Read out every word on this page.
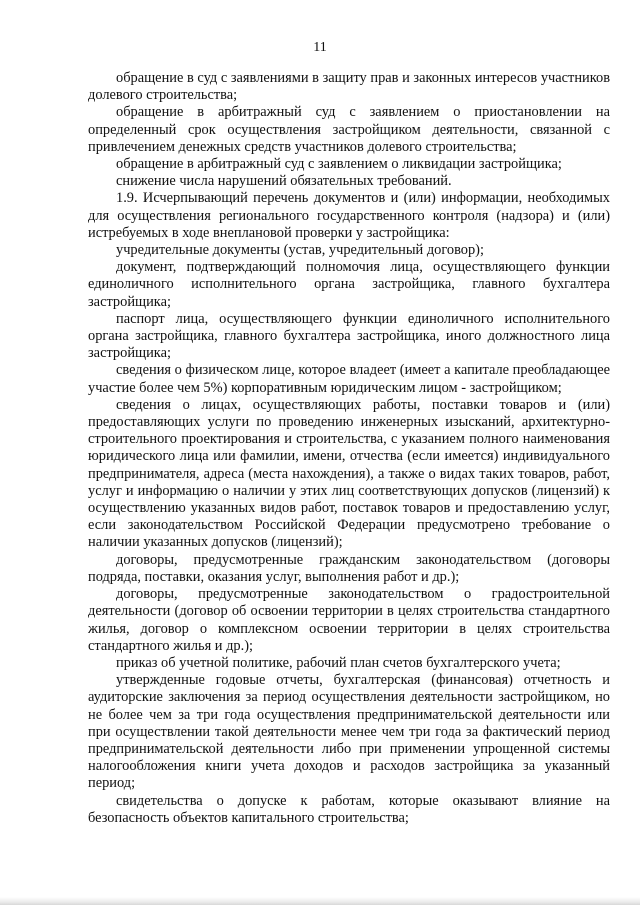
11

обращение в суд с заявлениями в защиту прав и законных интересов участников долевого строительства;

обращение в арбитражный суд с заявлением о приостановлении на определенный срок осуществления застройщиком деятельности, связанной с привлечением денежных средств участников долевого строительства;

обращение в арбитражный суд с заявлением о ликвидации застройщика;

снижение числа нарушений обязательных требований.

1.9. Исчерпывающий перечень документов и (или) информации, необходимых для осуществления регионального государственного контроля (надзора) и (или) истребуемых в ходе внеплановой проверки у застройщика:

учредительные документы (устав, учредительный договор);

документ, подтверждающий полномочия лица, осуществляющего функции единоличного исполнительного органа застройщика, главного бухгалтера застройщика;

паспорт лица, осуществляющего функции единоличного исполнительного органа застройщика, главного бухгалтера застройщика, иного должностного лица застройщика;

сведения о физическом лице, которое владеет (имеет а капитале преобладающее участие более чем 5%) корпоративным юридическим лицом - застройщиком;

сведения о лицах, осуществляющих работы, поставки товаров и (или) предоставляющих услуги по проведению инженерных изысканий, архитектурно-строительного проектирования и строительства, с указанием полного наименования юридического лица или фамилии, имени, отчества (если имеется) индивидуального предпринимателя, адреса (места нахождения), а также о видах таких товаров, работ, услуг и информацию о наличии у этих лиц соответствующих допусков (лицензий) к осуществлению указанных видов работ, поставок товаров и предоставлению услуг, если законодательством Российской Федерации предусмотрено требование о наличии указанных допусков (лицензий);

договоры, предусмотренные гражданским законодательством (договоры подряда, поставки, оказания услуг, выполнения работ и др.);

договоры, предусмотренные законодательством о градостроительной деятельности (договор об освоении территории в целях строительства стандартного жилья, договор о комплексном освоении территории в целях строительства стандартного жилья и др.);

приказ об учетной политике, рабочий план счетов бухгалтерского учета;

утвержденные годовые отчеты, бухгалтерская (финансовая) отчетность и аудиторские заключения за период осуществления деятельности застройщиком, но не более чем за три года осуществления предпринимательской деятельности или при осуществлении такой деятельности менее чем три года за фактический период предпринимательской деятельности либо при применении упрощенной системы налогообложения книги учета доходов и расходов застройщика за указанный период;

свидетельства о допуске к работам, которые оказывают влияние на безопасность объектов капитального строительства;
